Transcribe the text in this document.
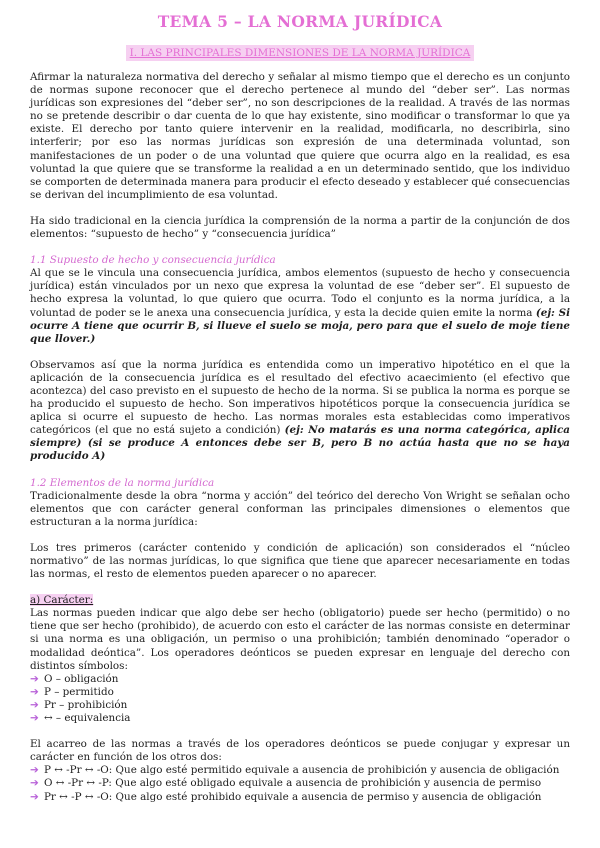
TEMA 5 – LA NORMA JURÍDICA
I. LAS PRINCIPALES DIMENSIONES DE LA NORMA JURÍDICA

Afirmar la naturaleza normativa del derecho y señalar al mismo tiempo que el derecho es un conjunto de normas supone reconocer que el derecho pertenece al mundo del “deber ser”. Las normas jurídicas son expresiones del “deber ser”, no son descripciones de la realidad. A través de las normas no se pretende describir o dar cuenta de lo que hay existente, sino modificar o transformar lo que ya existe. El derecho por tanto quiere intervenir en la realidad, modificarla, no describirla, sino interferir; por eso las normas jurídicas son expresión de una determinada voluntad, son manifestaciones de un poder o de una voluntad que quiere que ocurra algo en la realidad, es esa voluntad la que quiere que se transforme la realidad a en un determinado sentido, que los individuo se comporten de determinada manera para producir el efecto deseado y establecer qué consecuencias se derivan del incumplimiento de esa voluntad.

Ha sido tradicional en la ciencia jurídica la comprensión de la norma a partir de la conjunción de dos elementos: “supuesto de hecho” y “consecuencia jurídica”

1.1 Supuesto de hecho y consecuencia jurídica

Al que se le vincula una consecuencia jurídica, ambos elementos (supuesto de hecho y consecuencia jurídica) están vinculados por un nexo que expresa la voluntad de ese “deber ser”. El supuesto de hecho expresa la voluntad, lo que quiero que ocurra. Todo el conjunto es la norma jurídica, a la voluntad de poder se le anexa una consecuencia jurídica, y esta la decide quien emite la norma (ej: Si ocurre A tiene que ocurrir B, si llueve el suelo se moja, pero para que el suelo de moje tiene que llover.)

Observamos así que la norma jurídica es entendida como un imperativo hipotético en el que la aplicación de la consecuencia jurídica es el resultado del efectivo acaecimiento (el efectivo que acontezca) del caso previsto en el supuesto de hecho de la norma. Si se publica la norma es porque se ha producido el supuesto de hecho. Son imperativos hipotéticos porque la consecuencia jurídica se aplica si ocurre el supuesto de hecho. Las normas morales esta establecidas como imperativos categóricos (el que no está sujeto a condición) (ej: No matarás es una norma categórica, aplica siempre) (si se produce A entonces debe ser B, pero B no actúa hasta que no se haya producido A)

1.2 Elementos de la norma jurídica

Tradicionalmente desde la obra “norma y acción” del teórico del derecho Von Wright se señalan ocho elementos que con carácter general conforman las principales dimensiones o elementos que estructuran a la norma jurídica:

Los tres primeros (carácter contenido y condición de aplicación) son considerados el “núcleo normativo” de las normas jurídicas, lo que significa que tiene que aparecer necesariamente en todas las normas, el resto de elementos pueden aparecer o no aparecer.

a) Carácter:

Las normas pueden indicar que algo debe ser hecho (obligatorio) puede ser hecho (permitido) o no tiene que ser hecho (prohibido), de acuerdo con esto el carácter de las normas consiste en determinar si una norma es una obligación, un permiso o una prohibición; también denominado “operador o modalidad deóntica”. Los operadores deónticos se pueden expresar en lenguaje del derecho con distintos símbolos:

➔ O – obligación
➔ P – permitido
➔ Pr – prohibición
➔ ↔ – equivalencia

El acarreo de las normas a través de los operadores deónticos se puede conjugar y expresar un carácter en función de los otros dos:

➔ P ↔ -Pr ↔ -O: Que algo esté permitido equivale a ausencia de prohibición y ausencia de obligación
➔ O ↔ -Pr ↔ -P: Que algo esté obligado equivale a ausencia de prohibición y ausencia de permiso
➔ Pr ↔ -P ↔ -O: Que algo esté prohibido equivale a ausencia de permiso y ausencia de obligación
